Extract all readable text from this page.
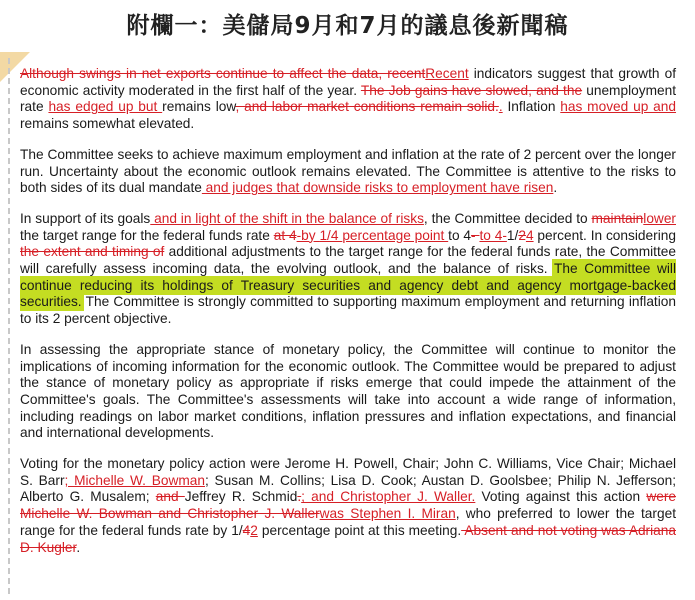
附欄一：美儲局9月和7月的議息後新聞稿

Although swings in net exports continue to affect the data, recentRecent indicators suggest that growth of economic activity moderated in the first half of the year. The Job gains have slowed, and the unemployment rate has edged up but remains low, and labor market conditions remain solid.. Inflation has moved up and remains somewhat elevated.

The Committee seeks to achieve maximum employment and inflation at the rate of 2 percent over the longer run. Uncertainty about the economic outlook remains elevated. The Committee is attentive to the risks to both sides of its dual mandate and judges that downside risks to employment have risen.

In support of its goals and in light of the shift in the balance of risks, the Committee decided to maintainlower the target range for the federal funds rate at 4-by 1/4 percentage point to 4- to 4-1/24 percent. In considering the extent and timing of additional adjustments to the target range for the federal funds rate, the Committee will carefully assess incoming data, the evolving outlook, and the balance of risks. The Committee will continue reducing its holdings of Treasury securities and agency debt and agency mortgage-backed securities. The Committee is strongly committed to supporting maximum employment and returning inflation to its 2 percent objective.

In assessing the appropriate stance of monetary policy, the Committee will continue to monitor the implications of incoming information for the economic outlook. The Committee would be prepared to adjust the stance of monetary policy as appropriate if risks emerge that could impede the attainment of the Committee's goals. The Committee's assessments will take into account a wide range of information, including readings on labor market conditions, inflation pressures and inflation expectations, and financial and international developments.

Voting for the monetary policy action were Jerome H. Powell, Chair; John C. Williams, Vice Chair; Michael S. Barr; Michelle W. Bowman; Susan M. Collins; Lisa D. Cook; Austan D. Goolsbee; Philip N. Jefferson; Alberto G. Musalem; and Jeffrey R. Schmid.; and Christopher J. Waller. Voting against this action were Michelle W. Bowman and Christopher J. Wallerwas Stephen I. Miran, who preferred to lower the target range for the federal funds rate by 1/42 percentage point at this meeting. Absent and not voting was Adriana D. Kugler.
